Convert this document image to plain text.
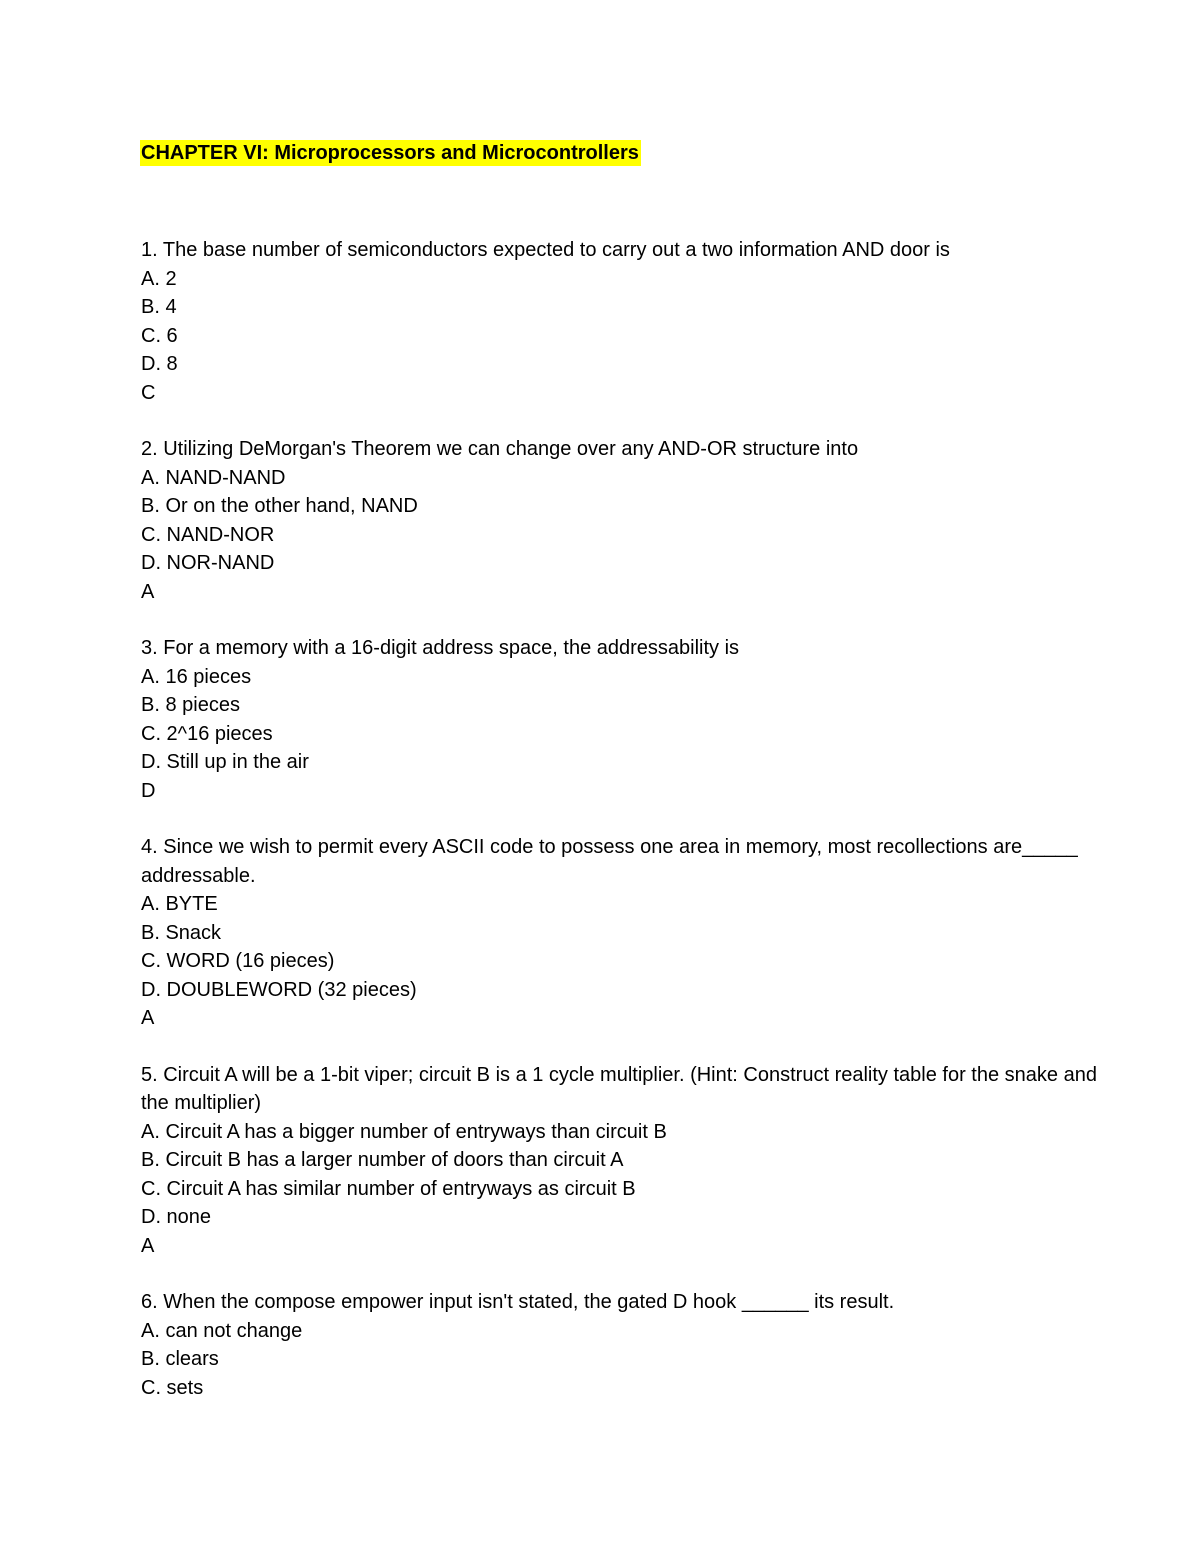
CHAPTER VI: Microprocessors and Microcontrollers
1. The base number of semiconductors expected to carry out a two information AND door is
A. 2
B. 4
C. 6
D. 8
C
2. Utilizing DeMorgan's Theorem we can change over any AND-OR structure into
A. NAND-NAND
B. Or on the other hand, NAND
C. NAND-NOR
D. NOR-NAND
A
3. For a memory with a 16-digit address space, the addressability is
A. 16 pieces
B. 8 pieces
C. 2^16 pieces
D. Still up in the air
D
4. Since we wish to permit every ASCII code to possess one area in memory, most recollections are_____ addressable.
A. BYTE
B. Snack
C. WORD (16 pieces)
D. DOUBLEWORD (32 pieces)
A
5. Circuit A will be a 1-bit viper; circuit B is a 1 cycle multiplier. (Hint: Construct reality table for the snake and the multiplier)
A. Circuit A has a bigger number of entryways than circuit B
B. Circuit B has a larger number of doors than circuit A
C. Circuit A has similar number of entryways as circuit B
D. none
A
6. When the compose empower input isn't stated, the gated D hook ______ its result.
A. can not change
B. clears
C. sets
